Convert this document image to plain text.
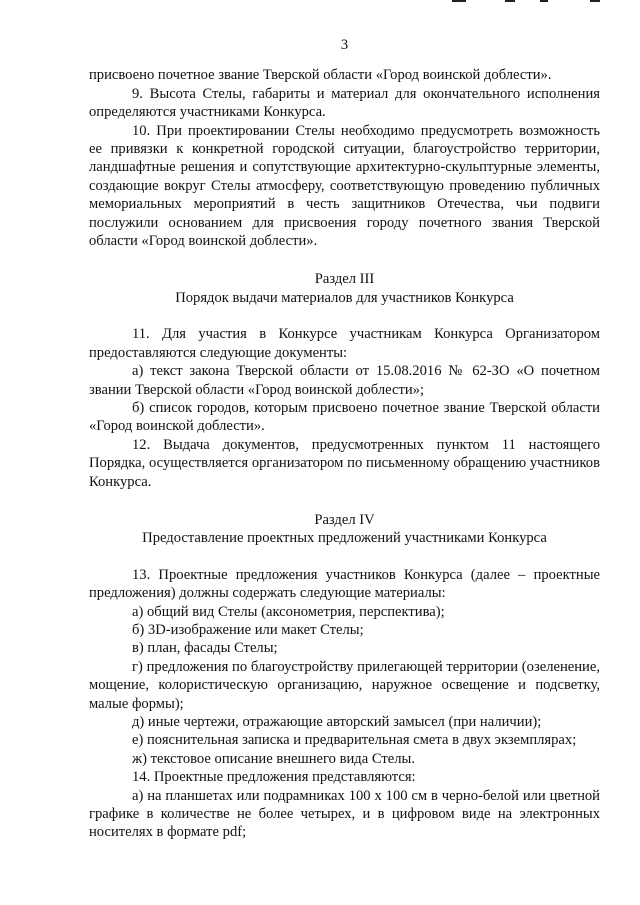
3

присвоено почетное звание Тверской области «Город воинской доблести».

9. Высота Стелы, габариты и материал для окончательного исполнения определяются участниками Конкурса.

10. При проектировании Стелы необходимо предусмотреть возможность ее привязки к конкретной городской ситуации, благоустройство территории, ландшафтные решения и сопутствующие архитектурно-скульптурные элементы, создающие вокруг Стелы атмосферу, соответствующую проведению публичных мемориальных мероприятий в честь защитников Отечества, чьи подвиги послужили основанием для присвоения городу почетного звания Тверской области «Город воинской доблести».

Раздел III

Порядок выдачи материалов для участников Конкурса

11. Для участия в Конкурсе участникам Конкурса Организатором предоставляются следующие документы:

а) текст закона Тверской области от 15.08.2016 № 62-ЗО «О почетном звании Тверской области «Город воинской доблести»;

б) список городов, которым присвоено почетное звание Тверской области «Город воинской доблести».

12. Выдача документов, предусмотренных пунктом 11 настоящего Порядка, осуществляется организатором по письменному обращению участников Конкурса.

Раздел IV

Предоставление проектных предложений участниками Конкурса

13. Проектные предложения участников Конкурса (далее – проектные предложения) должны содержать следующие материалы:

а) общий вид Стелы (аксонометрия, перспектива);

б) 3D-изображение или макет Стелы;

в) план, фасады Стелы;

г) предложения по благоустройству прилегающей территории (озеленение, мощение, колористическую организацию, наружное освещение и подсветку, малые формы);

д) иные чертежи, отражающие авторский замысел (при наличии);

е) пояснительная записка и предварительная смета в двух экземплярах;

ж) текстовое описание внешнего вида Стелы.

14. Проектные предложения представляются:

а) на планшетах или подрамниках 100 х 100 см в черно-белой или цветной графике в количестве не более четырех, и в цифровом виде на электронных носителях в формате pdf;
